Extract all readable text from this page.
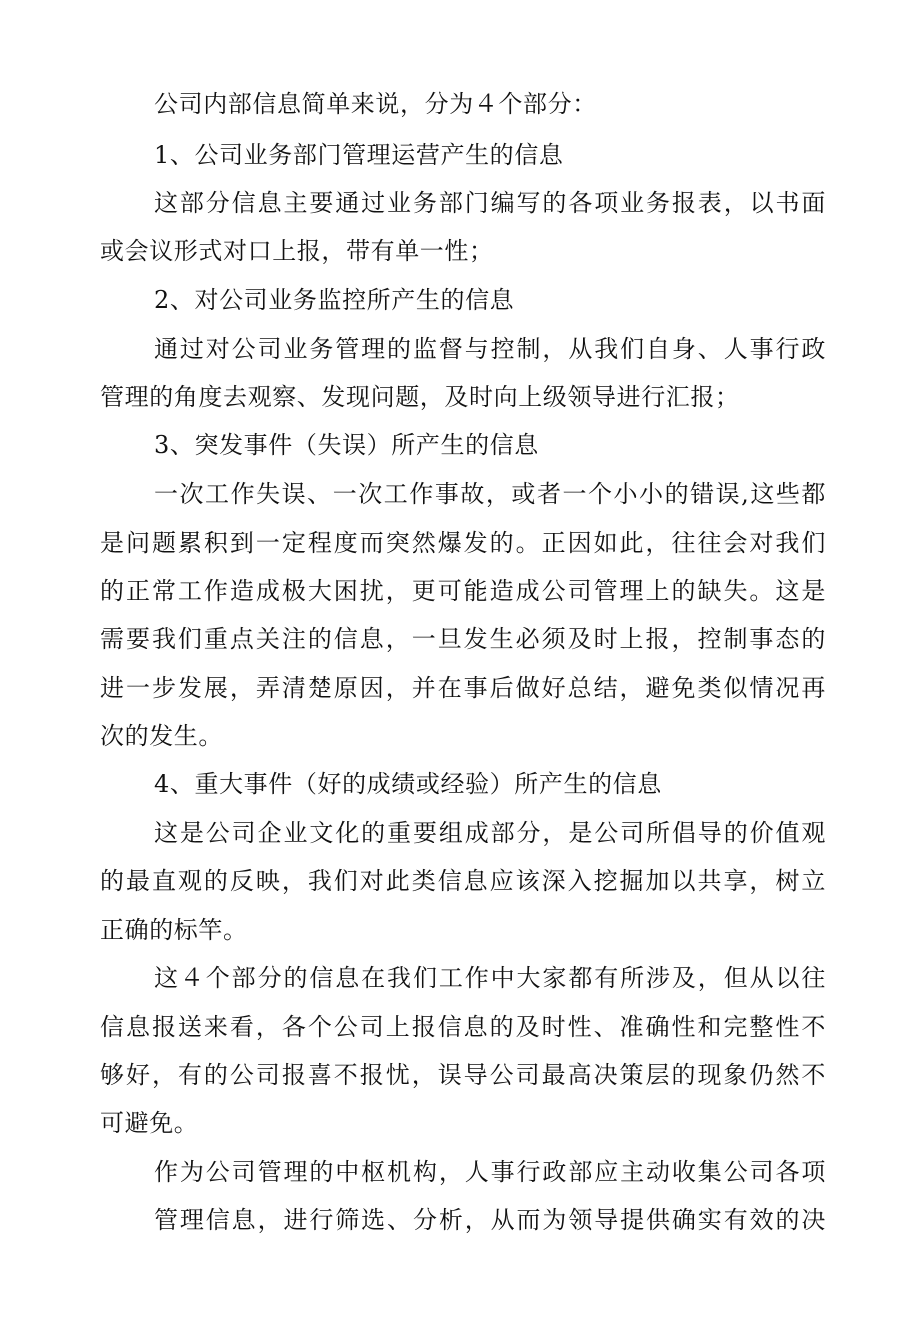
公司内部信息简单来说，分为４个部分：
1、公司业务部门管理运营产生的信息
这部分信息主要通过业务部门编写的各项业务报表，以书面
或会议形式对口上报，带有单一性；
2、对公司业务监控所产生的信息
通过对公司业务管理的监督与控制，从我们自身、人事行政
管理的角度去观察、发现问题，及时向上级领导进行汇报；
3、突发事件（失误）所产生的信息
一次工作失误、一次工作事故，或者一个小小的错误,这些都
是问题累积到一定程度而突然爆发的。正因如此，往往会对我们
的正常工作造成极大困扰，更可能造成公司管理上的缺失。这是
需要我们重点关注的信息，一旦发生必须及时上报，控制事态的
进一步发展，弄清楚原因，并在事后做好总结，避免类似情况再
次的发生。
4、重大事件（好的成绩或经验）所产生的信息
这是公司企业文化的重要组成部分，是公司所倡导的价值观
的最直观的反映，我们对此类信息应该深入挖掘加以共享，树立
正确的标竿。
这４个部分的信息在我们工作中大家都有所涉及，但从以往
信息报送来看，各个公司上报信息的及时性、准确性和完整性不
够好，有的公司报喜不报忧，误导公司最高决策层的现象仍然不
可避免。
作为公司管理的中枢机构，人事行政部应主动收集公司各项
管理信息，进行筛选、分析，从而为领导提供确实有效的决
